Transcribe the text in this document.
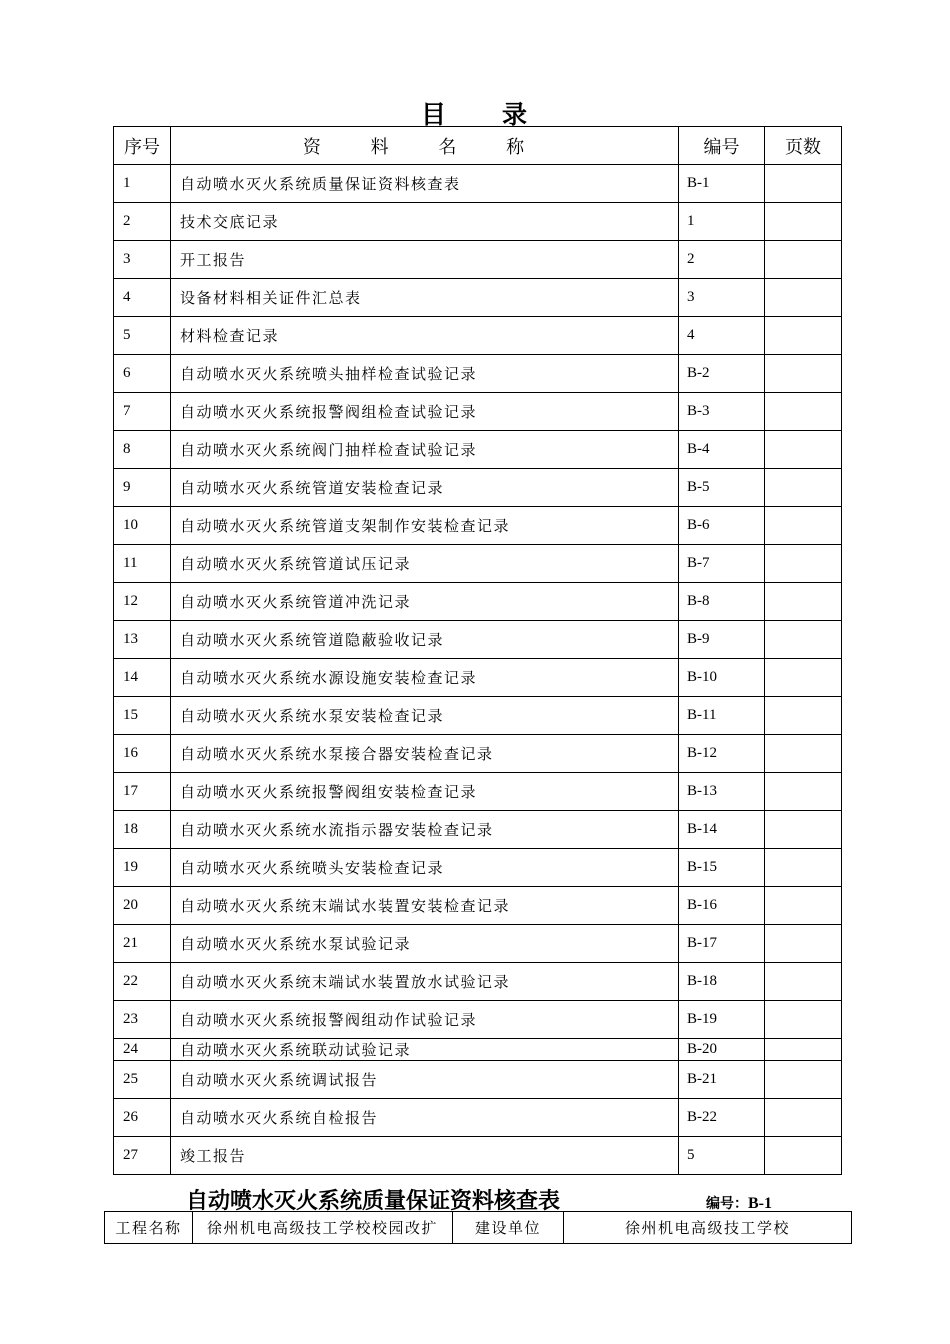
目　　录
序号	资 料 名 称	编号	页数
1	自动喷水灭火系统质量保证资料核查表	B-1	
2	技术交底记录	1	
3	开工报告	2	
4	设备材料相关证件汇总表	3	
5	材料检查记录	4	
6	自动喷水灭火系统喷头抽样检查试验记录	B-2	
7	自动喷水灭火系统报警阀组检查试验记录	B-3	
8	自动喷水灭火系统阀门抽样检查试验记录	B-4	
9	自动喷水灭火系统管道安装检查记录	B-5	
10	自动喷水灭火系统管道支架制作安装检查记录	B-6	
11	自动喷水灭火系统管道试压记录	B-7	
12	自动喷水灭火系统管道冲洗记录	B-8	
13	自动喷水灭火系统管道隐蔽验收记录	B-9	
14	自动喷水灭火系统水源设施安装检查记录	B-10	
15	自动喷水灭火系统水泵安装检查记录	B-11	
16	自动喷水灭火系统水泵接合器安装检查记录	B-12	
17	自动喷水灭火系统报警阀组安装检查记录	B-13	
18	自动喷水灭火系统水流指示器安装检查记录	B-14	
19	自动喷水灭火系统喷头安装检查记录	B-15	
20	自动喷水灭火系统末端试水装置安装检查记录	B-16	
21	自动喷水灭火系统水泵试验记录	B-17	
22	自动喷水灭火系统末端试水装置放水试验记录	B-18	
23	自动喷水灭火系统报警阀组动作试验记录	B-19	
24	自动喷水灭火系统联动试验记录	B-20	
25	自动喷水灭火系统调试报告	B-21	
26	自动喷水灭火系统自检报告	B-22	
27	竣工报告	5	
自动喷水灭火系统质量保证资料核查表	编号：B-1
工程名称	徐州机电高级技工学校校园改扩	建设单位	徐州机电高级技工学校
